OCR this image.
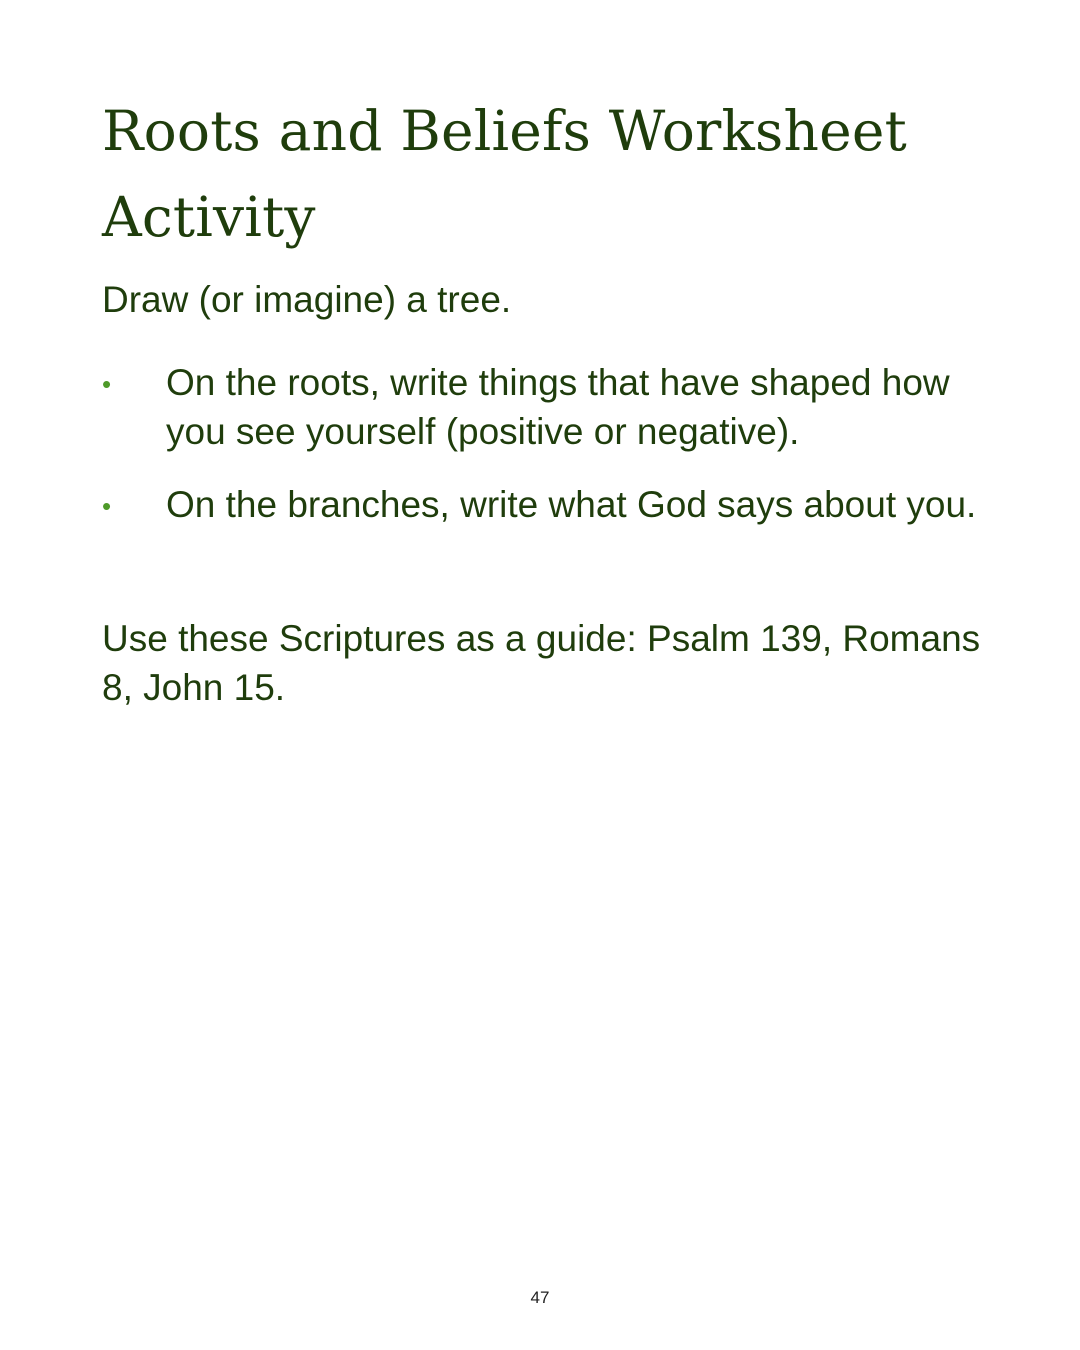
Roots and Beliefs Worksheet Activity

Draw (or imagine) a tree.

• On the roots, write things that have shaped how you see yourself (positive or negative).
• On the branches, write what God says about you.

Use these Scriptures as a guide: Psalm 139, Romans 8, John 15.

47
